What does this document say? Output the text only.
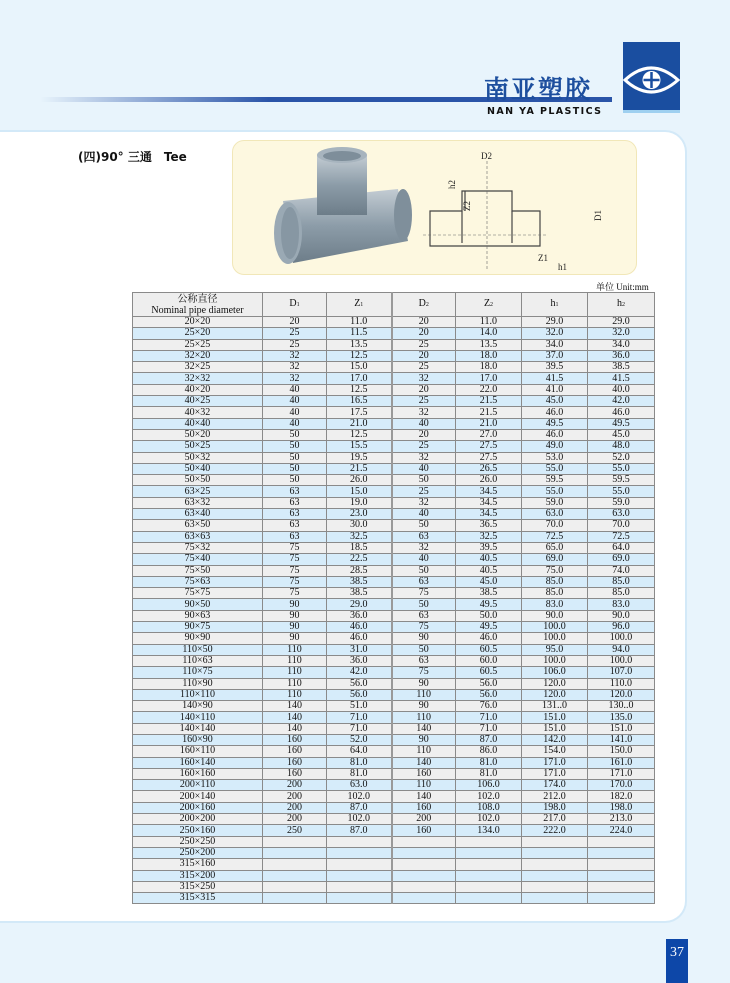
南亚塑胶
NAN YA PLASTICS
(四)90° 三通　Tee	D2
h2
Z2
D1
Z1
h1
单位 Unit:mm
公称直径
Nominal pipe diameter	D1	Z1	D2	Z2	h1	h2
20×20	20	11.0	20	11.0	29.0	29.0
25×20	25	11.5	20	14.0	32.0	32.0
25×25	25	13.5	25	13.5	34.0	34.0
32×20	32	12.5	20	18.0	37.0	36.0
32×25	32	15.0	25	18.0	39.5	38.5
32×32	32	17.0	32	17.0	41.5	41.5
40×20	40	12.5	20	22.0	41.0	40.0
40×25	40	16.5	25	21.5	45.0	42.0
40×32	40	17.5	32	21.5	46.0	46.0
40×40	40	21.0	40	21.0	49.5	49.5
50×20	50	12.5	20	27.0	46.0	45.0
50×25	50	15.5	25	27.5	49.0	48.0
50×32	50	19.5	32	27.5	53.0	52.0
50×40	50	21.5	40	26.5	55.0	55.0
50×50	50	26.0	50	26.0	59.5	59.5
63×25	63	15.0	25	34.5	55.0	55.0
63×32	63	19.0	32	34.5	59.0	59.0
63×40	63	23.0	40	34.5	63.0	63.0
63×50	63	30.0	50	36.5	70.0	70.0
63×63	63	32.5	63	32.5	72.5	72.5
75×32	75	18.5	32	39.5	65.0	64.0
75×40	75	22.5	40	40.5	69.0	69.0
75×50	75	28.5	50	40.5	75.0	74.0
75×63	75	38.5	63	45.0	85.0	85.0
75×75	75	38.5	75	38.5	85.0	85.0
90×50	90	29.0	50	49.5	83.0	83.0
90×63	90	36.0	63	50.0	90.0	90.0
90×75	90	46.0	75	49.5	100.0	96.0
90×90	90	46.0	90	46.0	100.0	100.0
110×50	110	31.0	50	60.5	95.0	94.0
110×63	110	36.0	63	60.0	100.0	100.0
110×75	110	42.0	75	60.5	106.0	107.0
110×90	110	56.0	90	56.0	120.0	110.0
110×110	110	56.0	110	56.0	120.0	120.0
140×90	140	51.0	90	76.0	131..0	130..0
140×110	140	71.0	110	71.0	151.0	135.0
140×140	140	71.0	140	71.0	151.0	151.0
160×90	160	52.0	90	87.0	142.0	141.0
160×110	160	64.0	110	86.0	154.0	150.0
160×140	160	81.0	140	81.0	171.0	161.0
160×160	160	81.0	160	81.0	171.0	171.0
200×110	200	63.0	110	106.0	174.0	170.0
200×140	200	102.0	140	102.0	212.0	182.0
200×160	200	87.0	160	108.0	198.0	198.0
200×200	200	102.0	200	102.0	217.0	213.0
250×160	250	87.0	160	134.0	222.0	224.0
250×250						
250×200						
315×160						
315×200						
315×250						
315×315						
37
